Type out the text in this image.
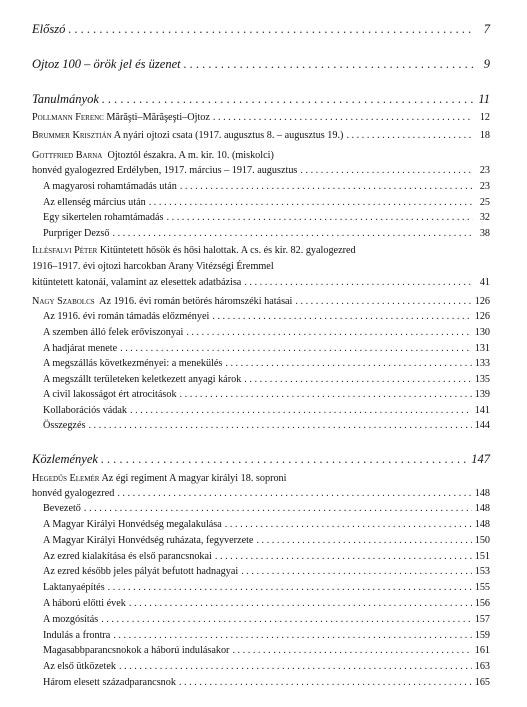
Előszó . . .	7
Ojtoz 100 – örök jel és üzenet . . .	9
Tanulmányok . . .	11
Pollmann Ferenc Mărăşti–Mărăşeşti–Ojtoz . . .	12
Brummer Krisztián A nyári ojtozi csata (1917. augusztus 8. – augusztus 19.) . . .	18
Gottfried Barna Ojtoztól északra. A m. kir. 10. (miskolci)
honvéd gyalogezred Erdélyben, 1917. március – 1917. augusztus . . .	23
A magyarosi rohamtámadás után . . .	23
Az ellenség március után . . .	25
Egy sikertelen rohamtámadás . . .	32
Purpriger Dezső . . .	38
Illésfalvi Péter Kitüntetett hősök és hősi halottak. A cs. és kir. 82. gyalogezred
1916–1917. évi ojtozi harcokban Arany Vitézségi Éremmel
kitüntetett katonái, valamint az elesettek adatbázisa . . .	41
Nagy Szabolcs Az 1916. évi román betörés háromszéki hatásai . . .	126
Az 1916. évi román támadás előzményei . . .	126
A szemben álló felek erőviszonyai . . .	130
A hadjárat menete . . .	131
A megszállás következményei: a menekülés . . .	133
A megszállt területeken keletkezett anyagi károk . . .	135
A civil lakosságot ért atrocitások . . .	139
Kollaborációs vádak . . .	141
Összegzés . . .	144
Közlemények . . .	147
Hegedűs Elemér Az égi regiment A magyar királyi 18. soproni
honvéd gyalogezred . . .	148
Bevezető . . .	148
A Magyar Királyi Honvédség megalakulása . . .	148
A Magyar Királyi Honvédség ruházata, fegyverzete . . .	150
Az ezred kialakítása és első parancsnokai . . .	151
Az ezred később jeles pályát befutott hadnagyai . . .	153
Laktanyaépítés . . .	155
A háború előtti évek . . .	156
A mozgósítás . . .	157
Indulás a frontra . . .	159
Magasabbparancsnokok a háború indulásakor . . .	161
Az első ütközetek . . .	163
Három elesett századparancsnok . . .	165
